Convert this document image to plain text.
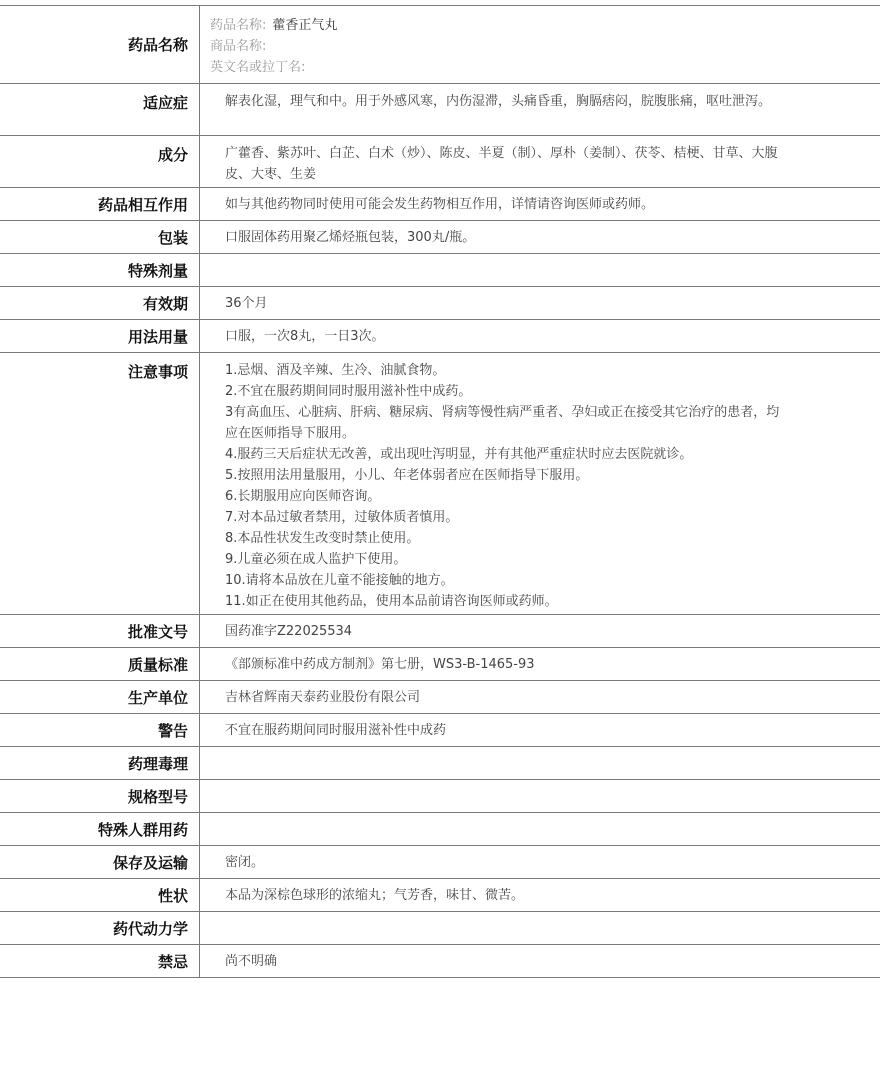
药品名称
药品名称: 藿香正气丸
商品名称:
英文名或拉丁名:
适应症	解表化湿，理气和中。用于外感风寒，内伤湿滞，头痛昏重，胸膈痞闷，脘腹胀痛，呕吐泄泻。
成分	广藿香、紫苏叶、白芷、白术（炒）、陈皮、半夏（制）、厚朴（姜制）、茯苓、桔梗、甘草、大腹皮、大枣、生姜
药品相互作用	如与其他药物同时使用可能会发生药物相互作用，详情请咨询医师或药师。
包装	口服固体药用聚乙烯烃瓶包装，300丸/瓶。
特殊剂量
有效期	36个月
用法用量	口服，一次8丸，一日3次。
注意事项	1.忌烟、酒及辛辣、生冷、油腻食物。
2.不宜在服药期间同时服用滋补性中成药。
3有高血压、心脏病、肝病、糖尿病、肾病等慢性病严重者、孕妇或正在接受其它治疗的患者，均应在医师指导下服用。
4.服药三天后症状无改善，或出现吐泻明显，并有其他严重症状时应去医院就诊。
5.按照用法用量服用，小儿、年老体弱者应在医师指导下服用。
6.长期服用应向医师咨询。
7.对本品过敏者禁用，过敏体质者慎用。
8.本品性状发生改变时禁止使用。
9.儿童必须在成人监护下使用。
10.请将本品放在儿童不能接触的地方。
11.如正在使用其他药品，使用本品前请咨询医师或药师。
批准文号	国药准字Z22025534
质量标准	《部颁标准中药成方制剂》第七册，WS3-B-1465-93
生产单位	吉林省辉南天泰药业股份有限公司
警告	不宜在服药期间同时服用滋补性中成药
药理毒理
规格型号
特殊人群用药
保存及运输	密闭。
性状	本品为深棕色球形的浓缩丸；气芳香，味甘、微苦。
药代动力学
禁忌	尚不明确
